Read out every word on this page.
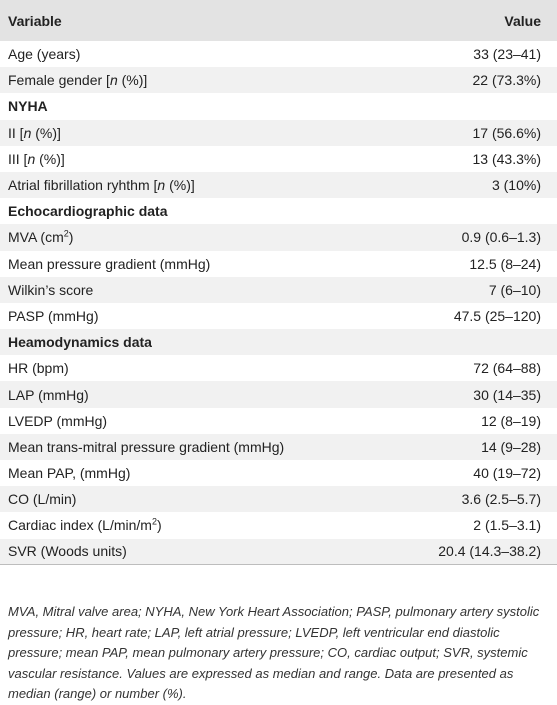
Variable	Value
Age (years)	33 (23–41)
Female gender [n (%)]	22 (73.3%)
NYHA	
II [n (%)]	17 (56.6%)
III [n (%)]	13 (43.3%)
Atrial fibrillation ryhthm [n (%)]	3 (10%)
Echocardiographic data	
MVA $(cm^2)$	0.9 (0.6–1.3)
Mean pressure gradient (mmHg)	12.5 (8–24)
Wilkin’s score	7 (6–10)
PASP (mmHg)	47.5 (25–120)
Heamodynamics data	
HR (bpm)	72 (64–88)
LAP (mmHg)	30 (14–35)
LVEDP (mmHg)	12 (8–19)
Mean trans-mitral pressure gradient (mmHg)	14 (9–28)
Mean PAP, (mmHg)	40 (19–72)
CO (L/min)	3.6 (2.5–5.7)
Cardiac index $(L/\min/m^2)$	2 (1.5–3.1)
SVR (Woods units)	20.4 (14.3–38.2)
MVA, Mitral valve area; NYHA, New York Heart Association; PASP, pulmonary artery systolic pressure; HR, heart rate; LAP, left atrial pressure; LVEDP, left ventricular end diastolic pressure; mean PAP, mean pulmonary artery pressure; CO, cardiac output; SVR, systemic vascular resistance. Values are expressed as median and range. Data are presented as median (range) or number (%).
